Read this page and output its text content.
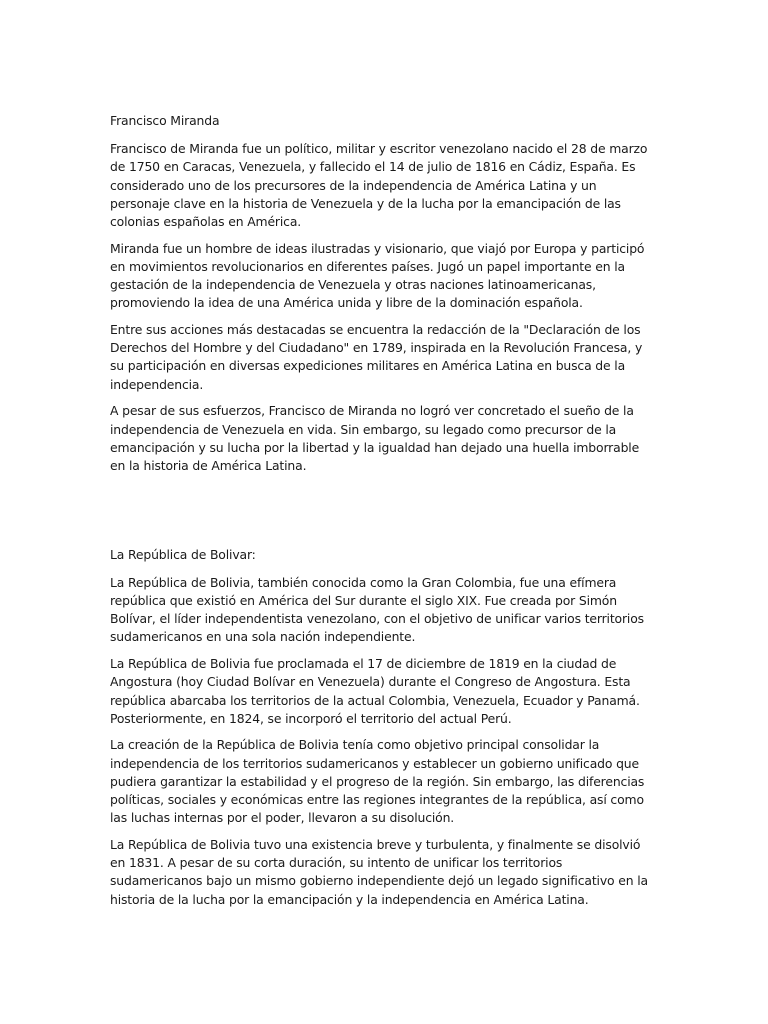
Francisco Miranda

Francisco de Miranda fue un político, militar y escritor venezolano nacido el 28 de marzo de 1750 en Caracas, Venezuela, y fallecido el 14 de julio de 1816 en Cádiz, España. Es considerado uno de los precursores de la independencia de América Latina y un personaje clave en la historia de Venezuela y de la lucha por la emancipación de las colonias españolas en América.

Miranda fue un hombre de ideas ilustradas y visionario, que viajó por Europa y participó en movimientos revolucionarios en diferentes países. Jugó un papel importante en la gestación de la independencia de Venezuela y otras naciones latinoamericanas, promoviendo la idea de una América unida y libre de la dominación española.

Entre sus acciones más destacadas se encuentra la redacción de la "Declaración de los Derechos del Hombre y del Ciudadano" en 1789, inspirada en la Revolución Francesa, y su participación en diversas expediciones militares en América Latina en busca de la independencia.

A pesar de sus esfuerzos, Francisco de Miranda no logró ver concretado el sueño de la independencia de Venezuela en vida. Sin embargo, su legado como precursor de la emancipación y su lucha por la libertad y la igualdad han dejado una huella imborrable en la historia de América Latina.

La República de Bolivar:

La República de Bolivia, también conocida como la Gran Colombia, fue una efímera república que existió en América del Sur durante el siglo XIX. Fue creada por Simón Bolívar, el líder independentista venezolano, con el objetivo de unificar varios territorios sudamericanos en una sola nación independiente.

La República de Bolivia fue proclamada el 17 de diciembre de 1819 en la ciudad de Angostura (hoy Ciudad Bolívar en Venezuela) durante el Congreso de Angostura. Esta república abarcaba los territorios de la actual Colombia, Venezuela, Ecuador y Panamá. Posteriormente, en 1824, se incorporó el territorio del actual Perú.

La creación de la República de Bolivia tenía como objetivo principal consolidar la independencia de los territorios sudamericanos y establecer un gobierno unificado que pudiera garantizar la estabilidad y el progreso de la región. Sin embargo, las diferencias políticas, sociales y económicas entre las regiones integrantes de la república, así como las luchas internas por el poder, llevaron a su disolución.

La República de Bolivia tuvo una existencia breve y turbulenta, y finalmente se disolvió en 1831. A pesar de su corta duración, su intento de unificar los territorios sudamericanos bajo un mismo gobierno independiente dejó un legado significativo en la historia de la lucha por la emancipación y la independencia en América Latina.
